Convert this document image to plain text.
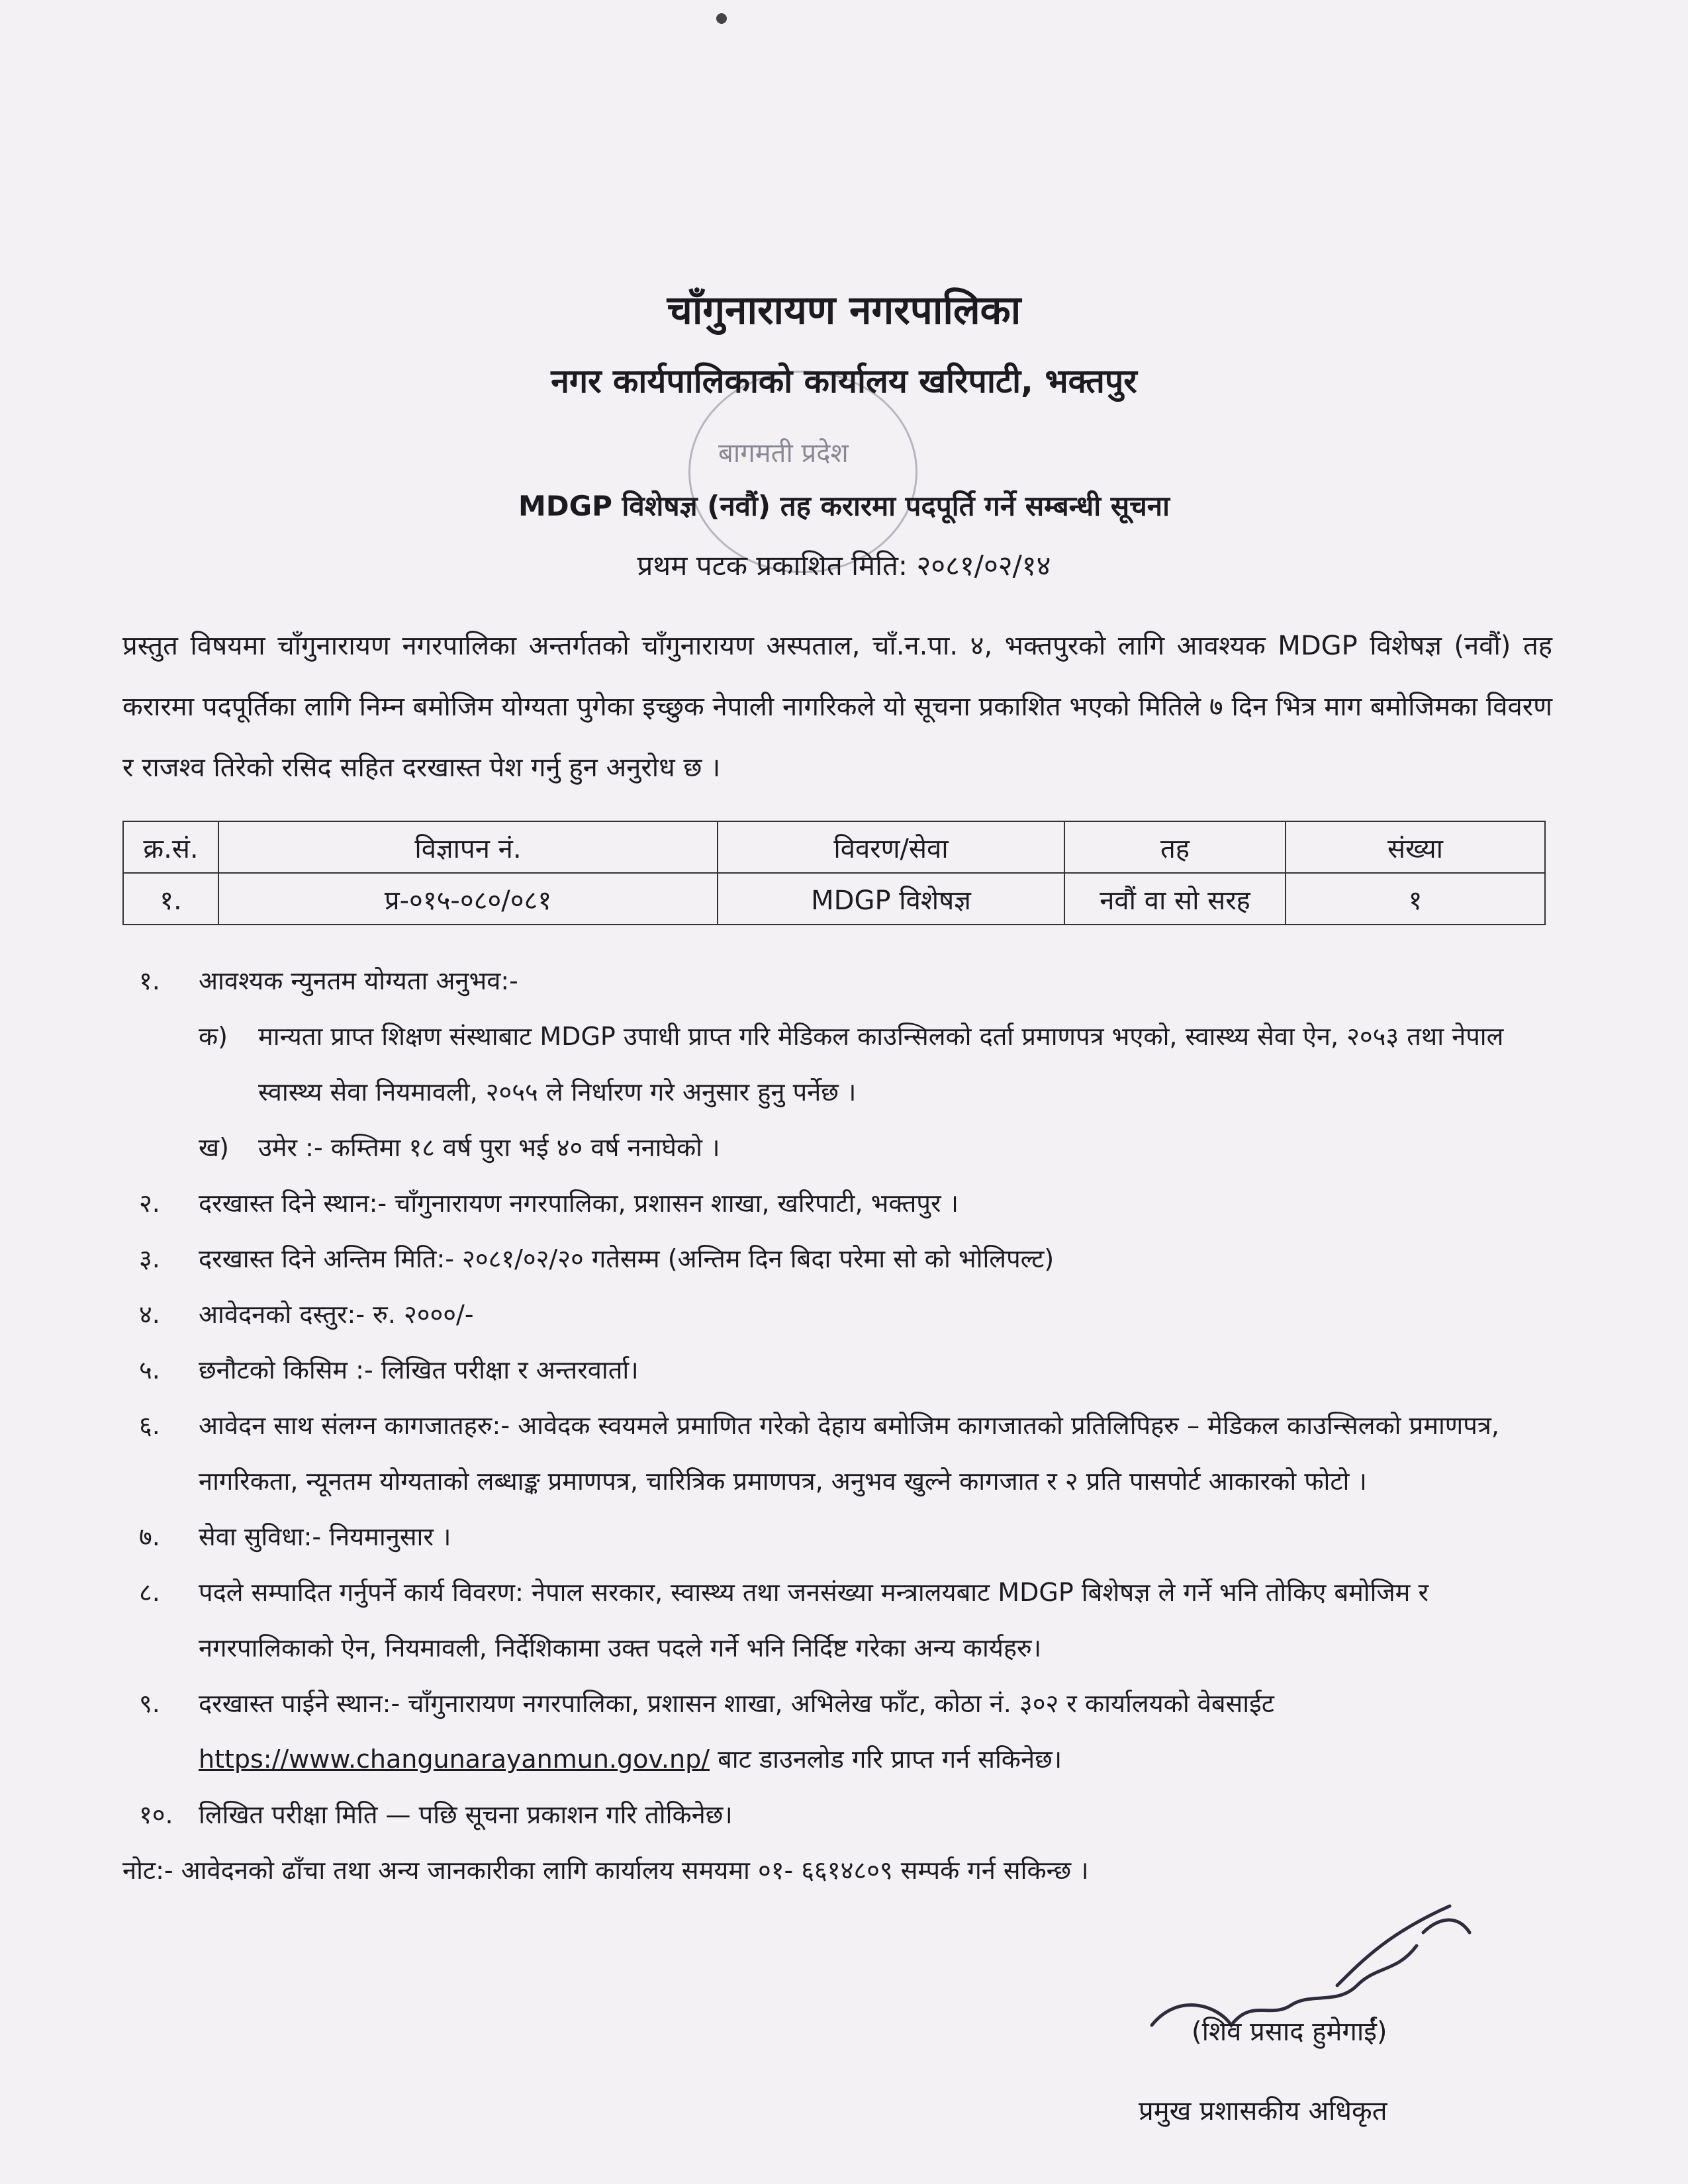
बागमती प्रदेश
चाँगुनारायण नगरपालिका
नगर कार्यपालिकाको कार्यालय खरिपाटी, भक्तपुर
MDGP विशेषज्ञ (नवौं) तह करारमा पदपूर्ति गर्ने सम्बन्धी सूचना
प्रथम पटक प्रकाशित मिति: २०८१/०२/१४
प्रस्तुत विषयमा चाँगुनारायण नगरपालिका अन्तर्गतको चाँगुनारायण अस्पताल, चाँ.न.पा. ४, भक्तपुरको लागि आवश्यक MDGP विशेषज्ञ (नवौं) तह करारमा पदपूर्तिका लागि निम्न बमोजिम योग्यता पुगेका इच्छुक नेपाली नागरिकले यो सूचना प्रकाशित भएको मितिले ७ दिन भित्र माग बमोजिमका विवरण र राजश्व तिरेको रसिद सहित दरखास्त पेश गर्नु हुन अनुरोध छ ।
क्र.सं.	विज्ञापन नं.	विवरण/सेवा	तह	संख्या
१.	प्र-०१५-०८०/०८१	MDGP विशेषज्ञ	नवौं वा सो सरह	१
१.	आवश्यक न्युनतम योग्यता अनुभव:-
क)	मान्यता प्राप्त शिक्षण संस्थाबाट MDGP उपाधी प्राप्त गरि मेडिकल काउन्सिलको दर्ता प्रमाणपत्र भएको, स्वास्थ्य सेवा ऐन, २०५३ तथा नेपाल स्वास्थ्य सेवा नियमावली, २०५५ ले निर्धारण गरे अनुसार हुनु पर्नेछ ।
ख)	उमेर :- कम्तिमा १८ वर्ष पुरा भई ४० वर्ष ननाघेको ।
२.	दरखास्त दिने स्थान:- चाँगुनारायण नगरपालिका, प्रशासन शाखा, खरिपाटी, भक्तपुर ।
३.	दरखास्त दिने अन्तिम मिति:- २०८१/०२/२० गतेसम्म (अन्तिम दिन बिदा परेमा सो को भोलिपल्ट)
४.	आवेदनको दस्तुर:- रु. २०००/-
५.	छनौटको किसिम :- लिखित परीक्षा र अन्तरवार्ता।
६.	आवेदन साथ संलग्न कागजातहरु:- आवेदक स्वयमले प्रमाणित गरेको देहाय बमोजिम कागजातको प्रतिलिपिहरु – मेडिकल काउन्सिलको प्रमाणपत्र, नागरिकता, न्यूनतम योग्यताको लब्धाङ्क प्रमाणपत्र, चारित्रिक प्रमाणपत्र, अनुभव खुल्ने कागजात र २ प्रति पासपोर्ट आकारको फोटो ।
७.	सेवा सुविधा:- नियमानुसार ।
८.	पदले सम्पादित गर्नुपर्ने कार्य विवरण: नेपाल सरकार, स्वास्थ्य तथा जनसंख्या मन्त्रालयबाट MDGP बिशेषज्ञ ले गर्ने भनि तोकिए बमोजिम र नगरपालिकाको ऐन, नियमावली, निर्देशिकामा उक्त पदले गर्ने भनि निर्दिष्ट गरेका अन्य कार्यहरु।
९.	दरखास्त पाईने स्थान:- चाँगुनारायण नगरपालिका, प्रशासन शाखा, अभिलेख फाँट, कोठा नं. ३०२ र कार्यालयको वेबसाईट https://www.changunarayanmun.gov.np/ बाट डाउनलोड गरि प्राप्त गर्न सकिनेछ।
१०.	लिखित परीक्षा मिति — पछि सूचना प्रकाशन गरि तोकिनेछ।
नोट:- आवेदनको ढाँचा तथा अन्य जानकारीका लागि कार्यालय समयमा ०१- ६६१४८०९ सम्पर्क गर्न सकिन्छ ।
(शिव प्रसाद हुमेगाईं)
प्रमुख प्रशासकीय अधिकृत
